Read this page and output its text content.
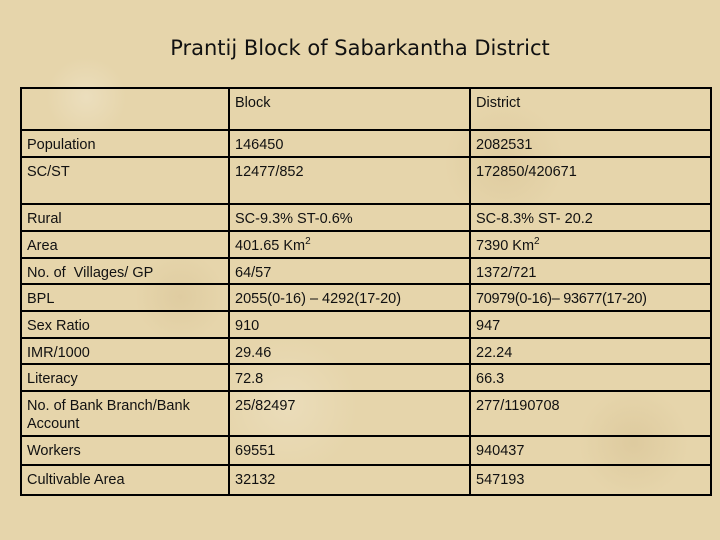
Prantij Block of Sabarkantha District
	Block	District
Population	146450	2082531
SC/ST	12477/852	172850/420671
Rural	SC-9.3% ST-0.6%	SC-8.3% ST- 20.2
Area	401.65 Km$^2$	7390 Km$^2$
No. of  Villages/ GP	64/57	1372/721
BPL	2055(0-16) – 4292(17-20)	70979(0-16)– 93677(17-20)
Sex Ratio	910	947
IMR/1000	29.46	22.24
Literacy	72.8	66.3
No. of Bank Branch/Bank Account	25/82497	277/1190708
Workers	69551	940437
Cultivable Area	32132	547193
